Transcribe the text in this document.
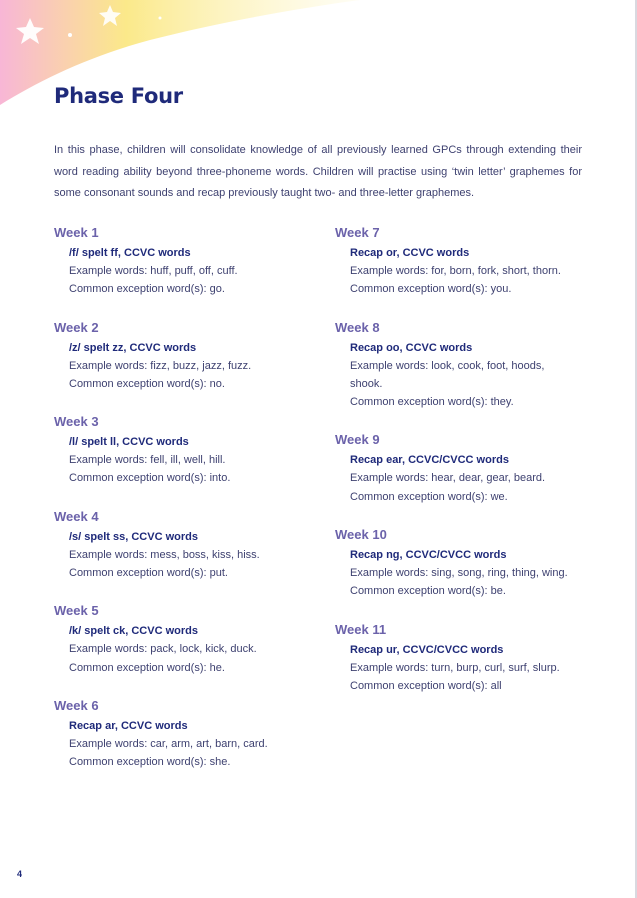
Phase Four

In this phase, children will consolidate knowledge of all previously learned GPCs through extending their word reading ability beyond three-phoneme words. Children will practise using ‘twin letter’ graphemes for some consonant sounds and recap previously taught two- and three-letter graphemes.

Week 1

/f/ spelt ff, CCVC words

Example words: huff, puff, off, cuff.

Common exception word(s): go.

Week 2

/z/ spelt zz, CCVC words

Example words: fizz, buzz, jazz, fuzz.

Common exception word(s): no.

Week 3

/l/ spelt ll, CCVC words

Example words: fell, ill, well, hill.

Common exception word(s): into.

Week 4

/s/ spelt ss, CCVC words

Example words: mess, boss, kiss, hiss.

Common exception word(s): put.

Week 5

/k/ spelt ck, CCVC words

Example words: pack, lock, kick, duck.

Common exception word(s): he.

Week 6

Recap ar, CCVC words

Example words: car, arm, art, barn, card.

Common exception word(s): she.

Week 7

Recap or, CCVC words

Example words: for, born, fork, short, thorn.

Common exception word(s): you.

Week 8

Recap oo, CCVC words

Example words: look, cook, foot, hoods, shook.

Common exception word(s): they.

Week 9

Recap ear, CCVC/CVCC words

Example words: hear, dear, gear, beard.

Common exception word(s): we.

Week 10

Recap ng, CCVC/CVCC words

Example words: sing, song, ring, thing, wing.

Common exception word(s): be.

Week 11

Recap ur, CCVC/CVCC words

Example words: turn, burp, curl, surf, slurp.

Common exception word(s): all

4
